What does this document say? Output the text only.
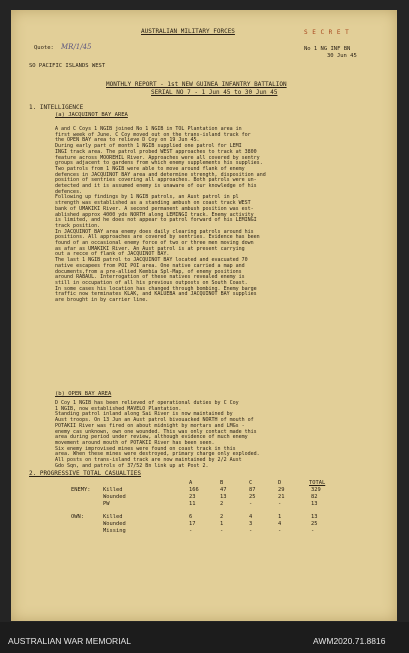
AUSTRALIAN MILITARY FORCES	S E C R E T

Quote: MR/1/45	No 1 NG INF BN

30 Jun 45

SO PACIFIC ISLANDS WEST

MONTHLY REPORT - 1st NEW GUINEA INFANTRY BATTALION

SERIAL NO 7 - 1 Jun 45 to 30 Jun 45

1. INTELLIGENCE

(a) JACQUINOT BAY AREA

A and C Coys 1 NGIB joined No 1 NGIB in TOL Plantation area in

first week of June. C Coy moved out on the trans-island track for

the OPEN BAY area to relieve D Coy on 19 Jun 45.

During early part of month 1 NGIB supplied one patrol for LEMI

INGI track area. The patrol probed WEST approaches to track at 3800

feature across MOOREHIL River. Approaches were all covered by sentry

groups adjacent to gardens from which enemy supplements his supplies.

Two patrols from 1 NGIB were able to move around flank of enemy

defences in JACQUINOT BAY area and determine strength, disposition and

position of sentries covering all approaches. Both patrols were un-

detected and it is assumed enemy is unaware of our knowledge of his

defences.

Following up findings by 1 NGIB patrols, an Aust patrol in pl

strength was established as a standing ambush on coast track WEST

bank of UMAKIKI River. A second permanent ambush position was est-

ablished approx 4000 yds NORTH along LEMINGI track. Enemy activity

is limited, and he does not appear to patrol forward of his LEMINGI

track position.

In JACQUINOT BAY area enemy does daily clearing patrols around his

positions. All approaches are covered by sentries. Evidence has been

found of an occasional enemy force of two or three men moving down

as afar as UMAKIKI River. An Aust patrol is at present carrying

out a recce of flank of JACQUINOT BAY.

The last 1 NGIB patrol to JACQUINOT BAY located and evacuated 70

native escapees from POI POI area. One native carried a map and

documents,from a pre-allied Kembia Spl-Map, of enemy positions

around RABAUL. Interrogation of these natives revealed enemy is

still in occupation of all his previous outposts on South Coast.

In some cases his location has changed through bombing. Enemy barge

traffic now terminates KLAK, and KALUEBA and JACQUINOT BAY supplies

are brought in by carrier line.

(b) OPEN BAY AREA

D Coy 1 NGIB has been relieved of operational duties by C Coy

1 NGIB, now established MAVELO Plantation.

Standing patrol inland along Sai River is now maintained by

Aust troops. On 13 Jun an Aust patrol bivouacked NORTH of mouth of

POTAKII River was fired on about midnight by mortars and LMGs -

enemy cas unknown, own one wounded. This was only contact made this

area during period under review, although evidence of much enemy

movement around mouth of POTAKII River has been seen.

Six enemy improvised mines were found on coast track in this

area. When these mines were destroyed, primary charge only exploded.

All posts on trans-island track are now maintained by 2/2 Aust

Gdo Sqn, and patrols of 37/52 Bn link up at Post 2.

2. PROGRESSIVE TOTAL CASUALTIES

A	B	C	D	TOTAL
ENEMY: Killed	166	47	87	29	329
Wounded	23	13	25	21	82
PW	11	2	-	-	13
OWN:	Killed	6	2	4	1	13
Wounded	17	1	3	4	25
Missing	-	-	-	-	-
AUSTRALIAN WAR MEMORIAL	AWM2020.71.8816
